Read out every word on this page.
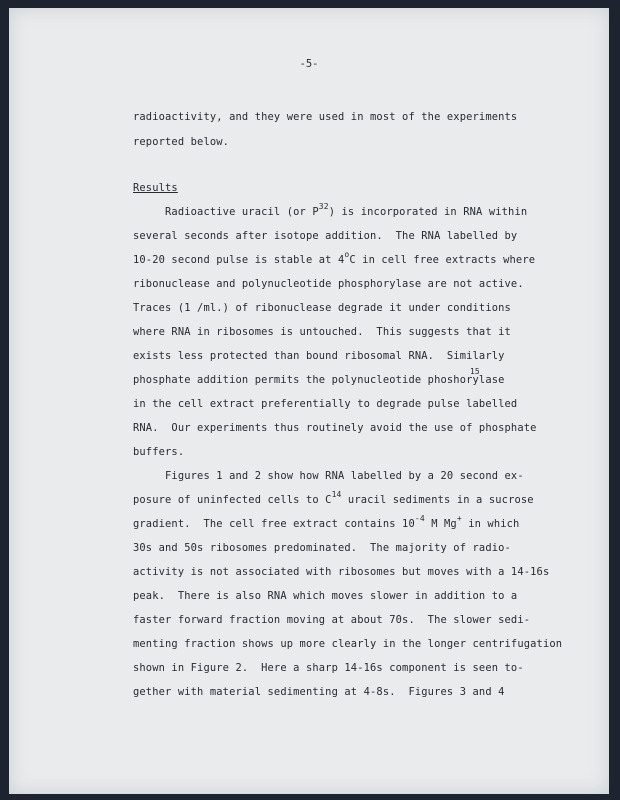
-5-
radioactivity, and they were used in most of the experiments
reported below.
Results
Radioactive uracil (or $P^{32}$) is incorporated in RNA within
several seconds after isotope addition.  The RNA labelled by
10-20 second pulse is stable at 4$^o$C in cell free extracts where
ribonuclease and polynucleotide phosphorylase are not active.
Traces (1 /ml.) of ribonuclease degrade it under conditions
where RNA in ribosomes is untouched.  This suggests that it
exists less protected than bound ribosomal RNA.  Similarly
phosphate addition permits the polynucleotide phoshorylase
15
in the cell extract preferentially to degrade pulse labelled
RNA.  Our experiments thus routinely avoid the use of phosphate
buffers.
Figures 1 and 2 show how RNA labelled by a 20 second ex-
posure of uninfected cells to $C^{14}$ uracil sediments in a sucrose
gradient.  The cell free extract contains $10^{-4}$ M Mg+ in which
30s and 50s ribosomes predominated.  The majority of radio-
activity is not associated with ribosomes but moves with a 14-16s
peak.  There is also RNA which moves slower in addition to a
faster forward fraction moving at about 70s.  The slower sedi-
menting fraction shows up more clearly in the longer centrifugation
shown in Figure 2.  Here a sharp 14-16s component is seen to-
gether with material sedimenting at 4-8s.  Figures 3 and 4
